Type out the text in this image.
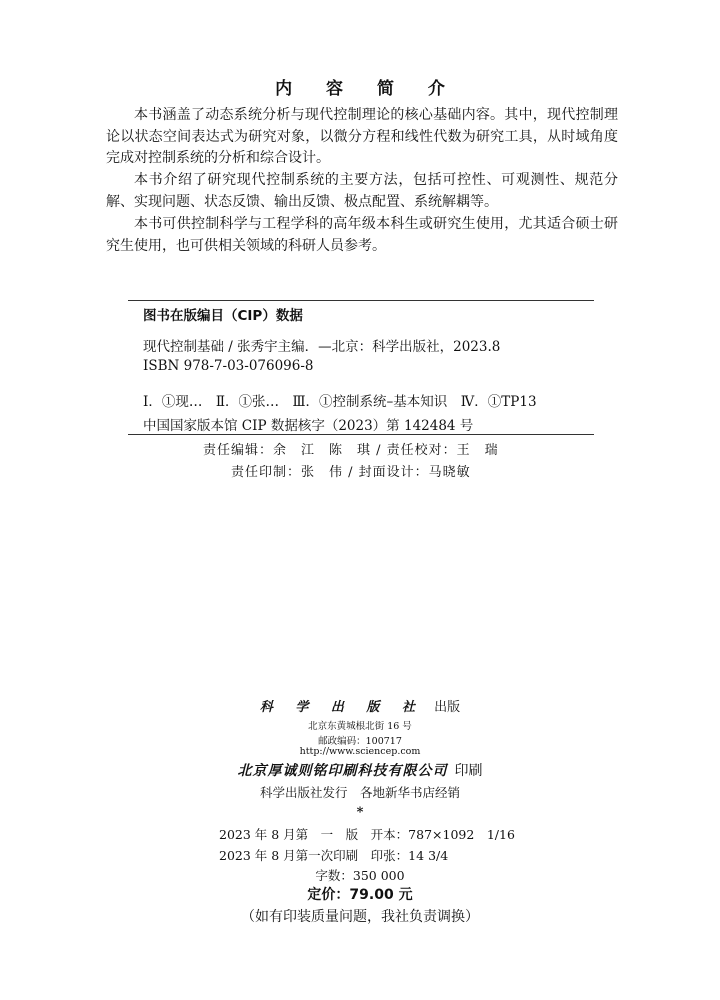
内 容 简 介
本书涵盖了动态系统分析与现代控制理论的核心基础内容。其中，现代控制理论以状态空间表达式为研究对象，以微分方程和线性代数为研究工具，从时域角度完成对控制系统的分析和综合设计。
本书介绍了研究现代控制系统的主要方法，包括可控性、可观测性、规范分解、实现问题、状态反馈、输出反馈、极点配置、系统解耦等。
本书可供控制科学与工程学科的高年级本科生或研究生使用，尤其适合硕士研究生使用，也可供相关领域的科研人员参考。
图书在版编目（CIP）数据
现代控制基础 / 张秀宇主编．—北京：科学出版社，2023.8
ISBN 978-7-03-076096-8
Ⅰ．①现…　Ⅱ．①张…　Ⅲ．①控制系统–基本知识　Ⅳ．①TP13
中国国家版本馆 CIP 数据核字（2023）第 142484 号
责任编辑：余　江　陈　琪 / 责任校对：王　瑞
责任印制：张　伟 / 封面设计：马晓敏
科 学 出 版 社 出版
北京东黄城根北街 16 号
邮政编码：100717
http://www.sciencep.com
北京厚诚则铭印刷科技有限公司 印刷
科学出版社发行　各地新华书店经销
*
2023 年 8 月第　一　版　开本：787×1092　1/16
2023 年 8 月第一次印刷　印张：14 3/4
字数：350 000
定价：79.00 元
（如有印装质量问题，我社负责调换）
